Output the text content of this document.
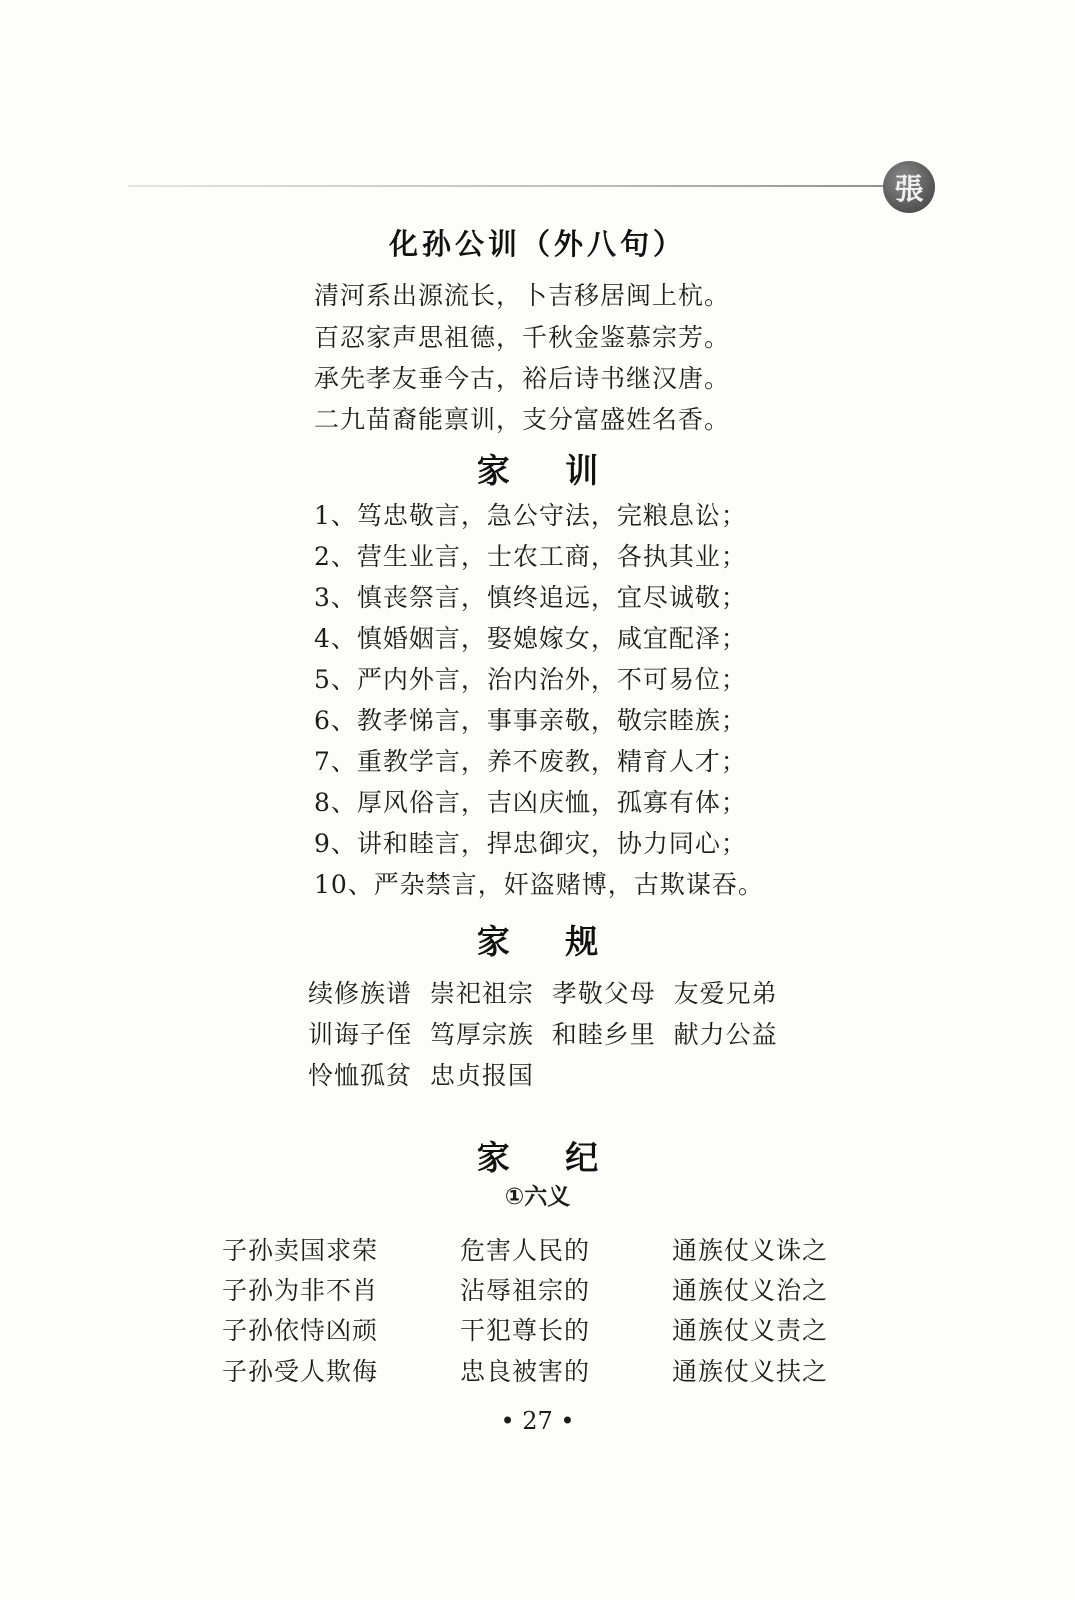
張
化孙公训（外八句）
清河系出源流长，卜吉移居闽上杭。
百忍家声思祖德，千秋金鉴慕宗芳。
承先孝友垂今古，裕后诗书继汉唐。
二九苗裔能禀训，支分富盛姓名香。
家 训
1、笃忠敬言，急公守法，完粮息讼；
2、营生业言，士农工商，各执其业；
3、慎丧祭言，慎终追远，宜尽诚敬；
4、慎婚姻言，娶媳嫁女，咸宜配泽；
5、严内外言，治内治外，不可易位；
6、教孝悌言，事事亲敬，敬宗睦族；
7、重教学言，养不废教，精育人才；
8、厚风俗言，吉凶庆恤，孤寡有体；
9、讲和睦言，捍忠御灾，协力同心；
10、严杂禁言，奸盗赌博，古欺谋吞。
家 规
续修族谱  崇祀祖宗  孝敬父母  友爱兄弟
训诲子侄  笃厚宗族  和睦乡里  献力公益
怜恤孤贫  忠贞报国
家 纪
①六义
子孙卖国求荣	危害人民的	通族仗义诛之
子孙为非不肖	沾辱祖宗的	通族仗义治之
子孙依恃凶顽	干犯尊长的	通族仗义责之
子孙受人欺侮	忠良被害的	通族仗义扶之
• 27 •
